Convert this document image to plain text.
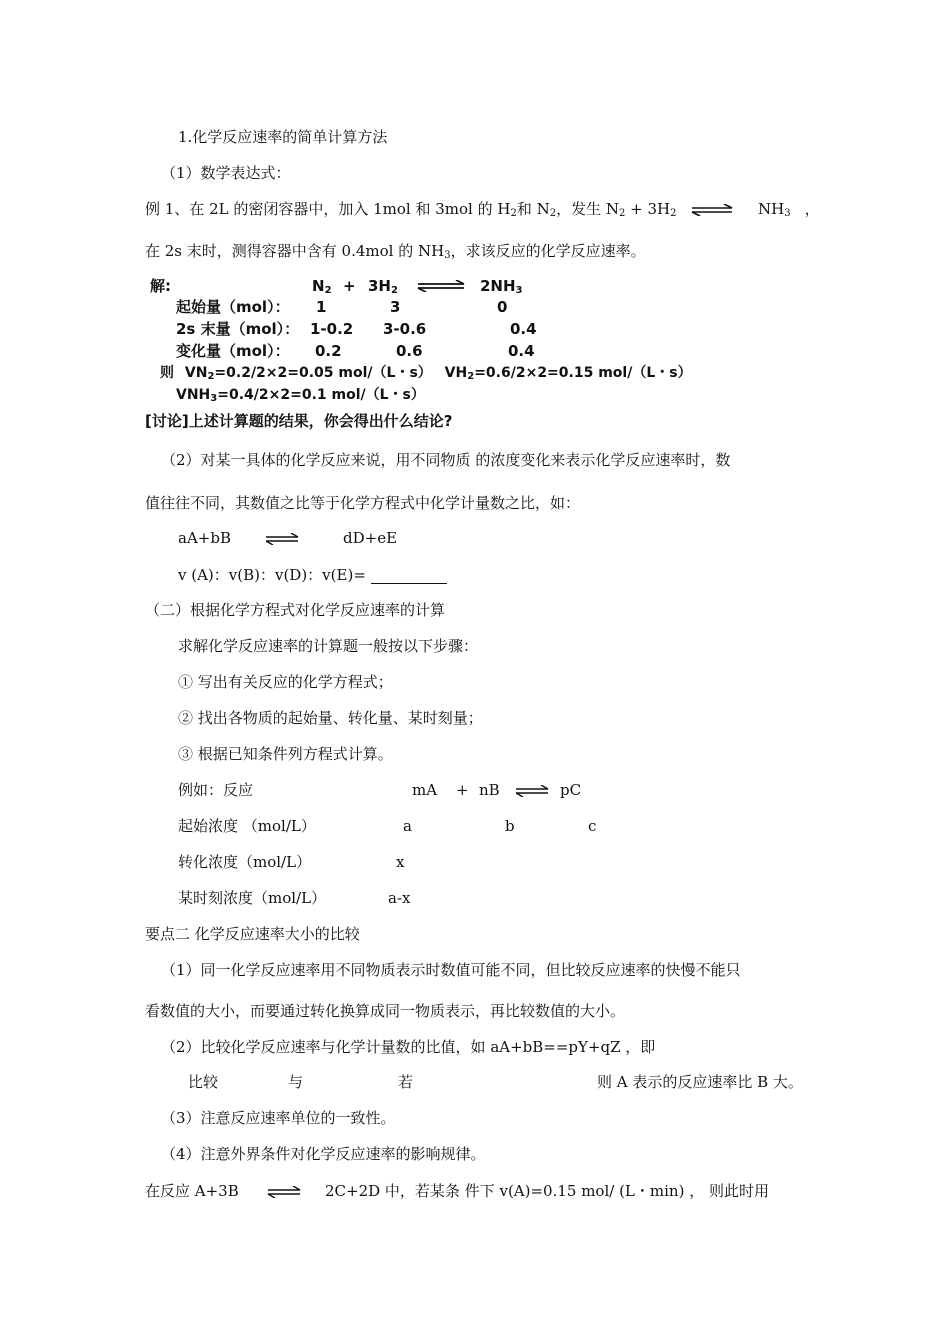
1.化学反应速率的简单计算方法
（1）数学表达式：
例 1、在 2L 的密闭容器中，加入 1mol 和 3mol 的 $H_2$和 $N_2$，发生 $N_2 + 3H_2$ ⇌ $NH_3$ ，
在 2s 末时，测得容器中含有 0.4mol 的 $NH_3$，求该反应的化学反应速率。
解:	$N_2 + 3H_2$ ⇌ $2NH_3$
起始量（mol）： 1	3	0
2s 末量（mol）： 1-0.2 3-0.6	0.4
变化量（mol）： 0.2	0.6	0.4
则 $VN_2=0.2/2\times 2=0.05$ mol/（L・s） $VH_2=0.6/2\times 2=0.15$ mol/（L・s）
$VNH_3=0.4/2\times 2=0.1$ mol/（L・s）
[讨论]上述计算题的结果，你会得出什么结论?
（2）对某一具体的化学反应来说，用不同物质 的浓度变化来表示化学反应速率时，数
值往往不同，其数值之比等于化学方程式中化学计量数之比，如：
aA+bB	dD+eE
v (A)：v(B)：v(D)：v(E)=
（二）根据化学方程式对化学反应速率的计算
求解化学反应速率的计算题一般按以下步骤：
① 写出有关反应的化学方程式；
② 找出各物质的起始量、转化量、某时刻量；
③ 根据已知条件列方程式计算。
例如：反应	mA + nB ⇌ pC
起始浓度 （mol/L）	a	b	c
转化浓度（mol/L）	x
某时刻浓度（mol/L）	a-x
要点二 化学反应速率大小的比较
（1）同一化学反应速率用不同物质表示时数值可能不同，但比较反应速率的快慢不能只
看数值的大小，而要通过转化换算成同一物质表示，再比较数值的大小。
（2）比较化学反应速率与化学计量数的比值，如 aA+bB==pY+qZ ，即
比较	与	若	则 A 表示的反应速率比 B 大。
（3）注意反应速率单位的一致性。
（4）注意外界条件对化学反应速率的影响规律。
在反应 A+3B ⇌ 2C+2D 中，若某条 件下 v(A)=0.15 mol/ (L・min) ， 则此时用
